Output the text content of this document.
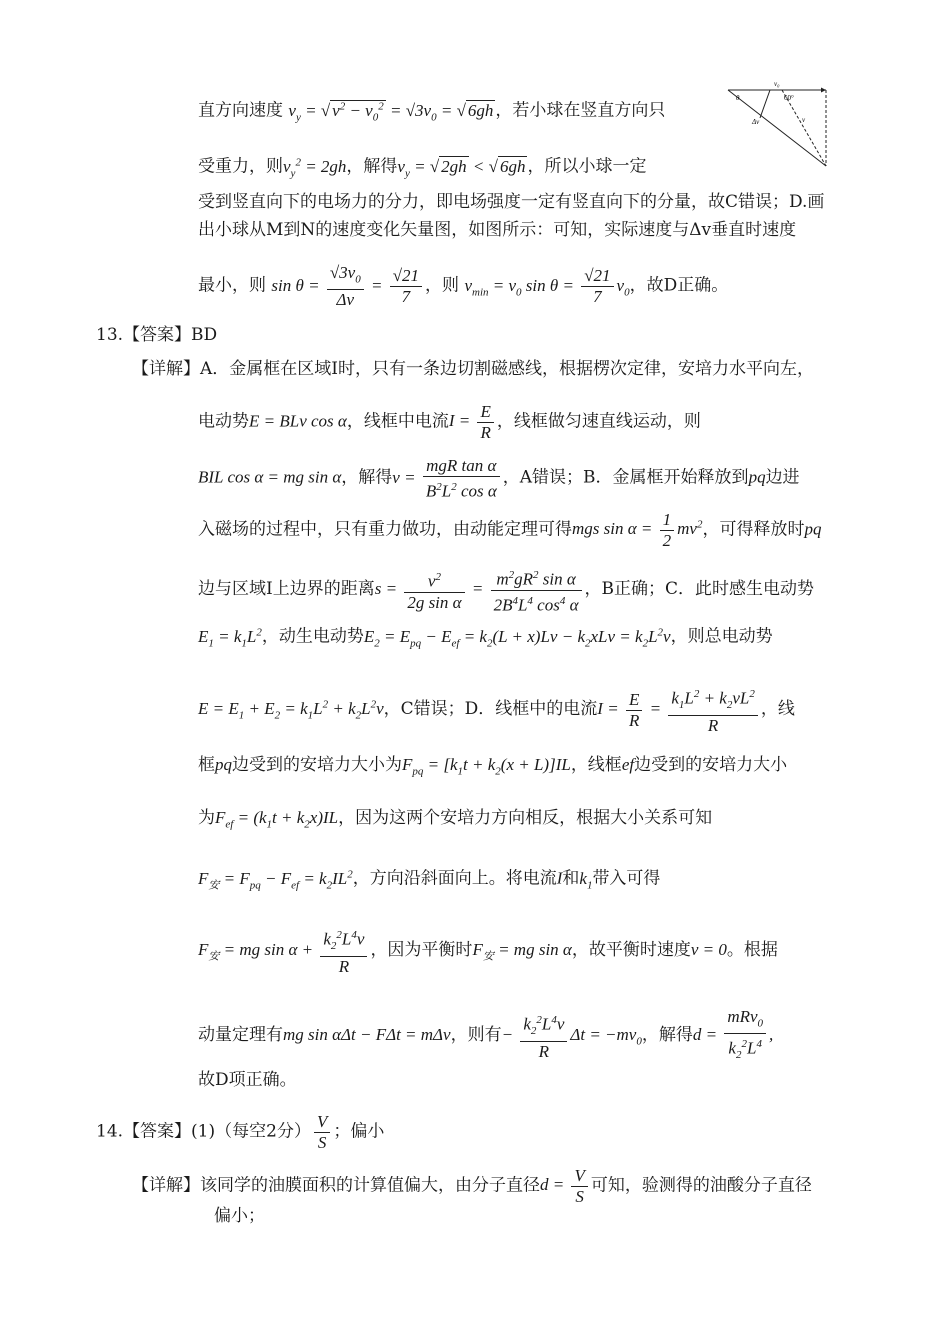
v₀
θ	60°
Δv	v
直方向速度 $v_y$ = √ $v^2 - v_0^2 = √3v_0$ = √ 6gh ，若小球在竖直方向只
受重力，则$v_y^2 = 2gh$，解得$v_y$ = √ 2gh < √ 6gh ，所以小球一定
受到竖直向下的电场力的分力，即电场强度一定有竖直向下的分量，故C错误；D.画
出小球从M到N的速度变化矢量图，如图所示：可知，实际速度与Δv垂直时速度
最小，则 $\sin \theta = \frac{√3v_0}{\Delta v} = \frac{√21}{7}$ ，则 $v_{min} = v_0$ $\sin \theta = \frac{√21}{7} v_0$，故D正确。
13.【答案】BD
【详解】A．金属框在区域I时，只有一条边切割磁感线，根据楞次定律，安培力水平向左，
电动势E = BLv cos α，线框中电流$I = \frac{E}{R}$ ，线框做匀速直线运动，则
BIL cos α = mg sin α，解得$v = \frac{\text{mgR tan α}}{B^2L^2 \cos \alpha}$ ，A错误；B．金属框开始释放到pq边进
入磁场的过程中，只有重力做功，由动能定理可得mgs $\sin \alpha = \frac{1}{2} mv^2$，可得释放时pq
边与区域I上边界的距离$s = \frac{v^2}{\text{2g sin α}} = \frac{m^2gR^2 \sin \alpha}{2B^4L^4 \cos^4 \alpha}$ ，B正确；C．此时感生电动势
$E_1 = k_1L^2$，动生电动势$E_2 = E_{pq} - E_{ef} = k_2(L + x)Lv - k_2xLv = k_2L^2v$，则总电动势
$E = E_1 + E_2 = k_1L^2 + k_2L^2v$，C错误；D．线框中的电流$I = \frac{E}{R} = \frac{k_1L^2 + k_2vL^2}{R}$ ，线
框pq边受到的安培力大小为$F_{pq} = [k_1t + k_2(x + L)]IL$，线框ef边受到的安培力大小
为$F_{ef} = (k_1t + k_2x)IL$，因为这两个安培力方向相反，根据大小关系可知
$F_安 = F_{pq} - F_{ef} = k_2IL^2$，方向沿斜面向上。将电流I和$k_1$带入可得
$F_安$ = mg $\sin \alpha + \frac{k_2^2L^4v}{R}$ ，因为平衡时$F_安$ = mg sin α，故平衡时速度v = 0。根据
动量定理有mg sin αΔt − FΔt = mΔv，则有− $\frac{k_2^2L^4v}{R}$ $\Delta t = -mv_0$，解得$d = \frac{mRv_0}{k_2^2L^4}$ ,
故D项正确。
14.【答案】(1)（每空2分） $\frac{V}{S}$ ；偏小
【详解】该同学的油膜面积的计算值偏大，由分子直径$d = \frac{V}{S}$ 可知，验测得的油酸分子直径
偏小；
